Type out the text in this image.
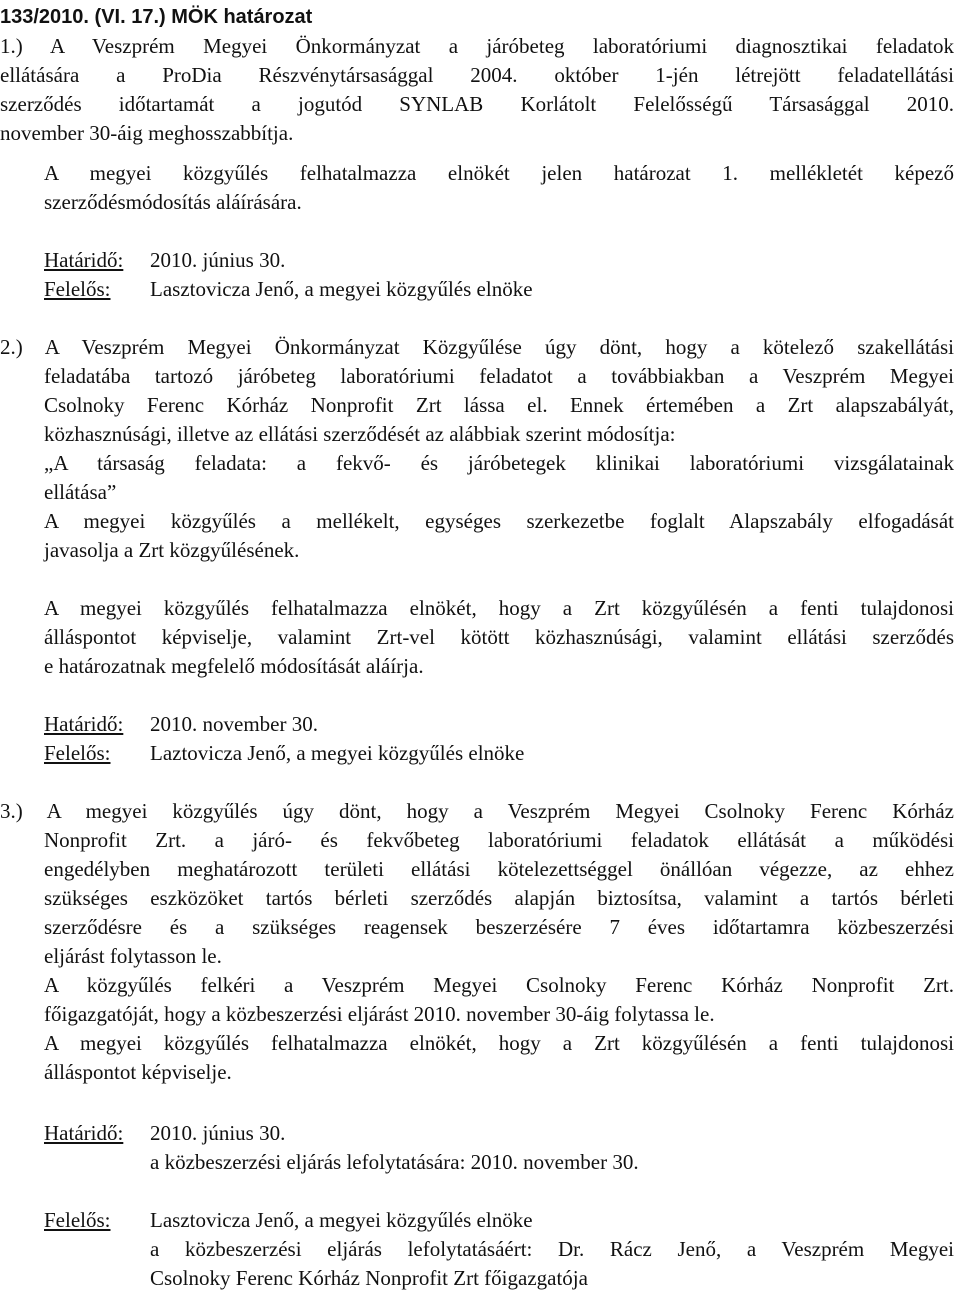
133/2010. (VI. 17.) MÖK határozat
1.) A Veszprém Megyei Önkormányzat a járóbeteg laboratóriumi diagnosztikai feladatok
ellátására a ProDia Részvénytársasággal 2004. október 1-jén létrejött feladatellátási
szerződés időtartamát a jogutód SYNLAB Korlátolt Felelősségű Társasággal 2010.
november 30-áig meghosszabbítja.
A megyei közgyűlés felhatalmazza elnökét jelen határozat 1. mellékletét képező
szerződésmódosítás aláírására.
Határidő: 2010. június 30.
Felelős: Lasztovicza Jenő, a megyei közgyűlés elnöke
2.) A Veszprém Megyei Önkormányzat Közgyűlése úgy dönt, hogy a kötelező szakellátási
feladatába tartozó járóbeteg laboratóriumi feladatot a továbbiakban a Veszprém Megyei
Csolnoky Ferenc Kórház Nonprofit Zrt lássa el. Ennek értemében a Zrt alapszabályát,
közhasznúsági, illetve az ellátási szerződését az alábbiak szerint módosítja:
„A társaság feladata: a fekvő- és járóbetegek klinikai laboratóriumi vizsgálatainak
ellátása”
A megyei közgyűlés a mellékelt, egységes szerkezetbe foglalt Alapszabály elfogadását
javasolja a Zrt közgyűlésének.
A megyei közgyűlés felhatalmazza elnökét, hogy a Zrt közgyűlésén a fenti tulajdonosi
álláspontot képviselje, valamint Zrt-vel kötött közhasznúsági, valamint ellátási szerződés
e határozatnak megfelelő módosítását aláírja.
Határidő: 2010. november 30.
Felelős: Laztovicza Jenő, a megyei közgyűlés elnöke
3.) A megyei közgyűlés úgy dönt, hogy a Veszprém Megyei Csolnoky Ferenc Kórház
Nonprofit Zrt. a járó- és fekvőbeteg laboratóriumi feladatok ellátását a működési
engedélyben meghatározott területi ellátási kötelezettséggel önállóan végezze, az ehhez
szükséges eszközöket tartós bérleti szerződés alapján biztosítsa, valamint a tartós bérleti
szerződésre és a szükséges reagensek beszerzésére 7 éves időtartamra közbeszerzési
eljárást folytasson le.
A közgyűlés felkéri a Veszprém Megyei Csolnoky Ferenc Kórház Nonprofit Zrt.
főigazgatóját, hogy a közbeszerzési eljárást 2010. november 30-áig folytassa le.
A megyei közgyűlés felhatalmazza elnökét, hogy a Zrt közgyűlésén a fenti tulajdonosi
álláspontot képviselje.
Határidő: 2010. június 30.
a közbeszerzési eljárás lefolytatására: 2010. november 30.
Felelős: Lasztovicza Jenő, a megyei közgyűlés elnöke
a közbeszerzési eljárás lefolytatásáért: Dr. Rácz Jenő, a Veszprém Megyei
Csolnoky Ferenc Kórház Nonprofit Zrt főigazgatója
